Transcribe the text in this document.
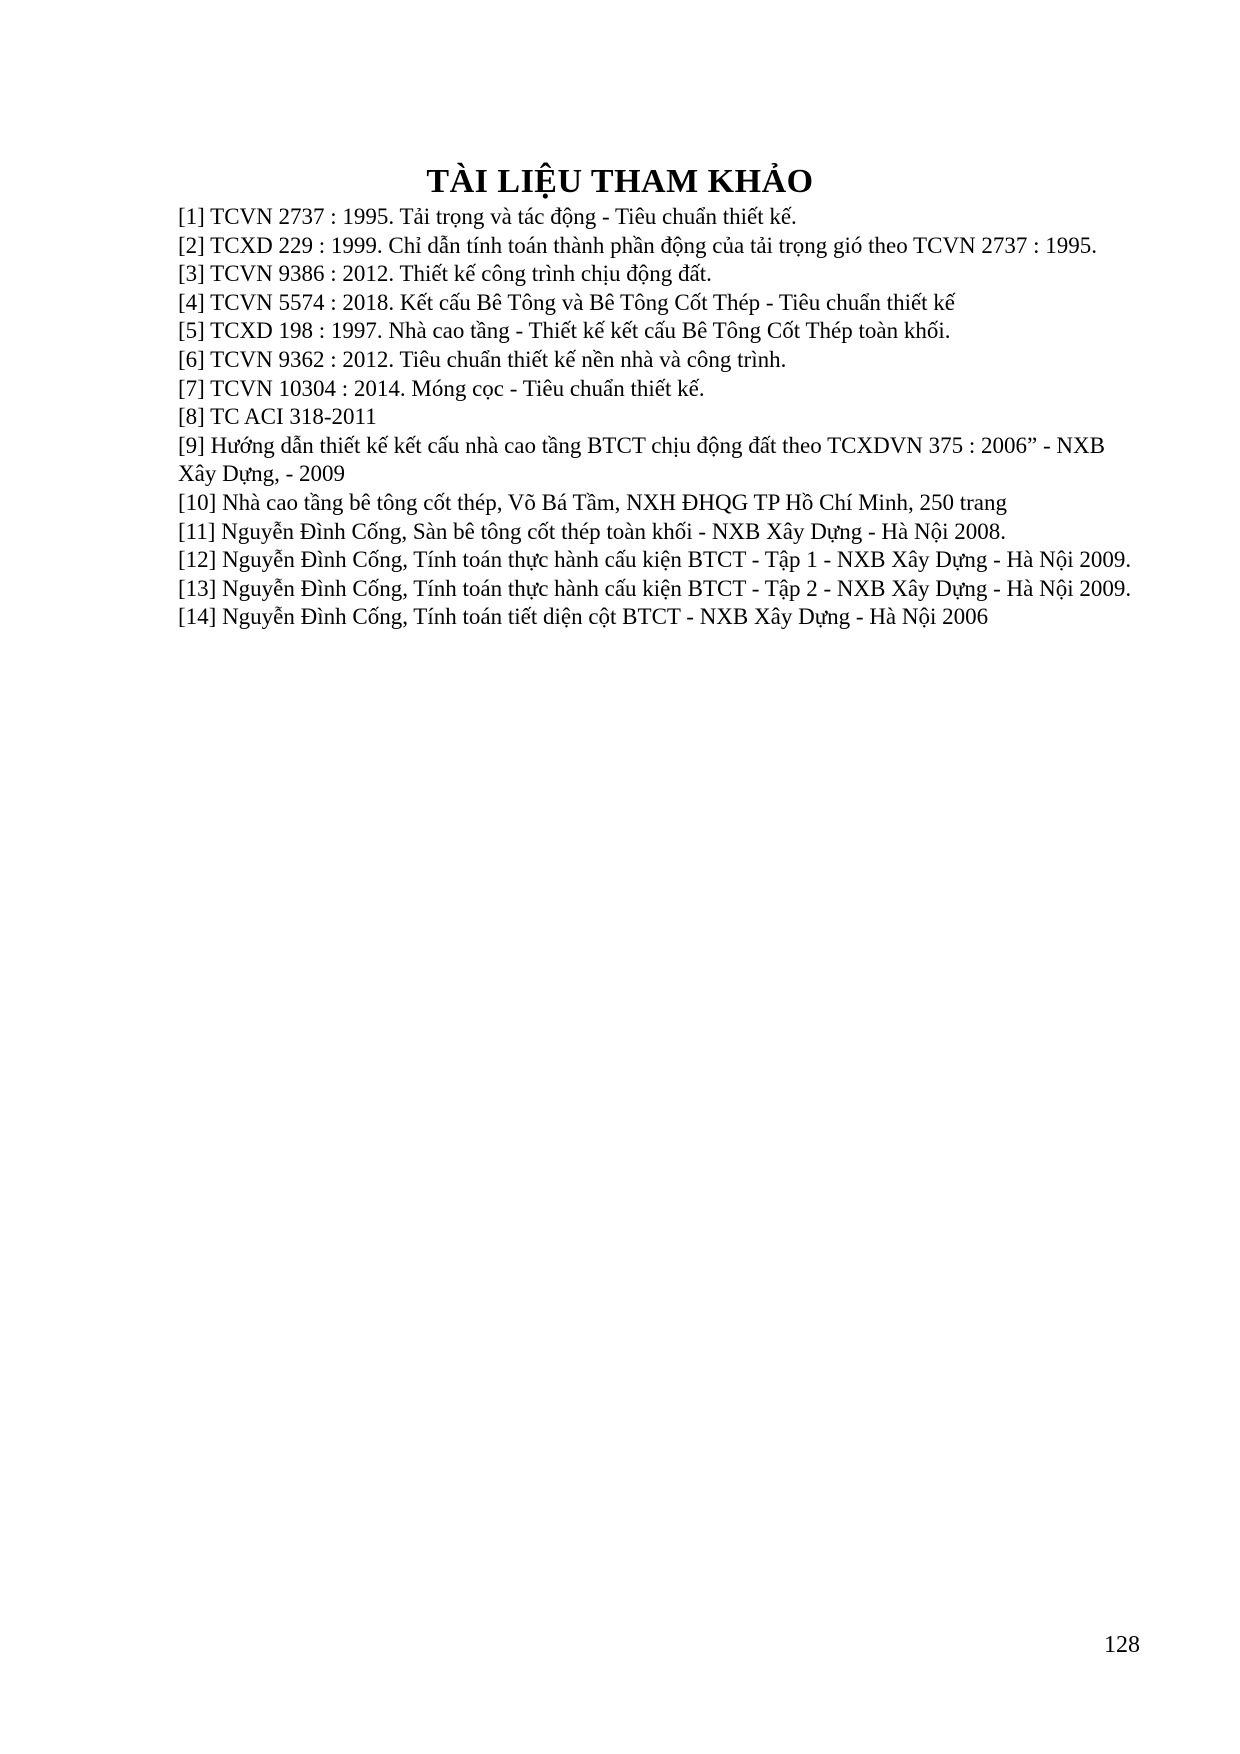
TÀI LIỆU THAM KHẢO
[1] TCVN 2737 : 1995. Tải trọng và tác động - Tiêu chuẩn thiết kế.
[2] TCXD 229 : 1999. Chỉ dẫn tính toán thành phần động của tải trọng gió theo TCVN 2737 : 1995.
[3] TCVN 9386 : 2012. Thiết kế công trình chịu động đất.
[4] TCVN 5574 : 2018. Kết cấu Bê Tông và Bê Tông Cốt Thép - Tiêu chuẩn thiết kế
[5] TCXD 198 : 1997. Nhà cao tầng - Thiết kế kết cấu Bê Tông Cốt Thép toàn khối.
[6] TCVN 9362 : 2012. Tiêu chuẩn thiết kế nền nhà và công trình.
[7] TCVN 10304 : 2014. Móng cọc - Tiêu chuẩn thiết kế.
[8] TC ACI 318-2011
[9] Hướng dẫn thiết kế kết cấu nhà cao tầng BTCT chịu động đất theo TCXDVN 375 : 2006” - NXB Xây Dựng, - 2009
[10] Nhà cao tầng bê tông cốt thép, Võ Bá Tầm, NXH ĐHQG TP Hồ Chí Minh, 250 trang
[11] Nguyễn Đình Cống, Sàn bê tông cốt thép toàn khối - NXB Xây Dựng - Hà Nội 2008.
[12] Nguyễn Đình Cống, Tính toán thực hành cấu kiện BTCT - Tập 1 - NXB Xây Dựng - Hà Nội 2009.
[13] Nguyễn Đình Cống, Tính toán thực hành cấu kiện BTCT - Tập 2 - NXB Xây Dựng - Hà Nội 2009.
[14] Nguyễn Đình Cống, Tính toán tiết diện cột BTCT - NXB Xây Dựng - Hà Nội 2006
128
